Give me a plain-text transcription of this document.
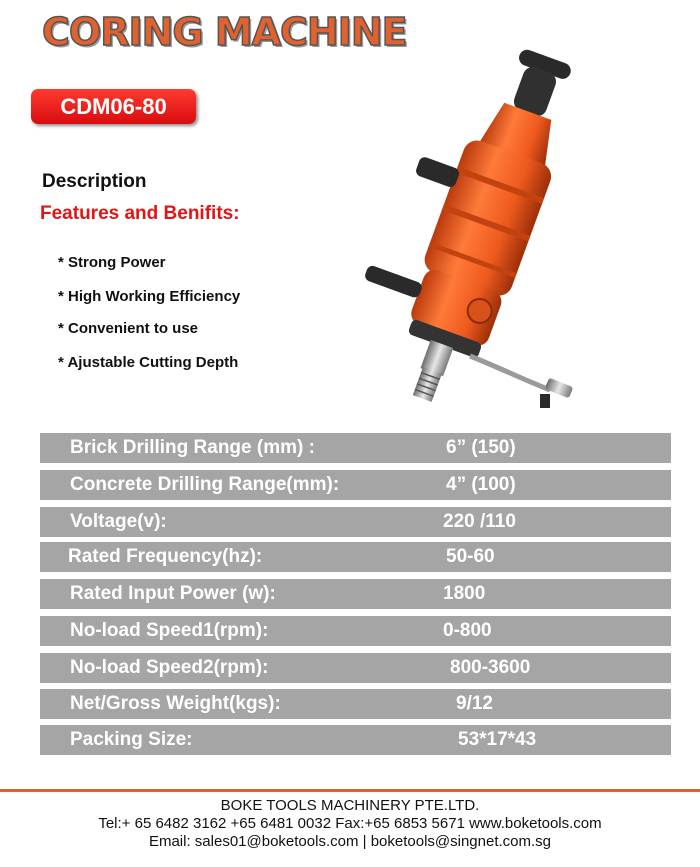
CORING MACHINE
CDM06-80
Description
Features and Benifits:
* Strong Power
* High Working Efficiency
* Convenient to use
* Ajustable Cutting Depth
Brick Drilling Range (mm) :	6” (150)
Concrete Drilling Range(mm):	4” (100)
Voltage(v):	220 /110
Rated Frequency(hz):	50-60
Rated Input Power (w):	1800
No-load Speed1(rpm):	0-800
No-load Speed2(rpm):	800-3600
Net/Gross Weight(kgs):	9/12
Packing Size:	53*17*43
BOKE TOOLS MACHINERY PTE.LTD.
Tel:+ 65 6482 3162 +65 6481 0032 Fax:+65 6853 5671 www.boketools.com
Email: sales01@boketools.com | boketools@singnet.com.sg
